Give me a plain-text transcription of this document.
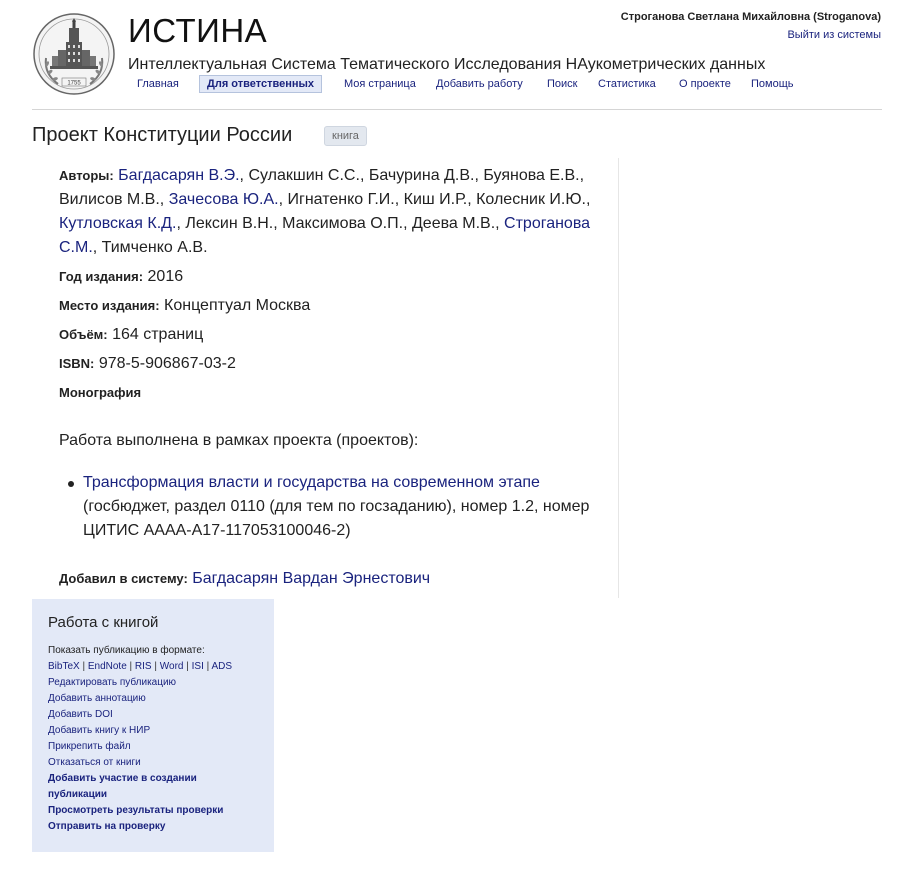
1755
ИСТИНА
Интеллектуальная Система Тематического Исследования НАукометрических данных
Главная	Для ответственных	Моя страница Добавить работу Поиск Статистика О проекте Помощь
Строганова Светлана Михайловна (Stroganova)
Выйти из системы
Проект Конституции России	книга
Авторы: Багдасарян В.Э., Сулакшин С.С., Бачурина Д.В., Буянова Е.В., Вилисов М.В., Зачесова Ю.А., Игнатенко Г.И., Киш И.Р., Колесник И.Ю., Кутловская К.Д., Лексин В.Н., Максимова О.П., Деева М.В., Строганова С.М., Тимченко А.В.
Год издания: 2016
Место издания: Концептуал Москва
Объём: 164 страниц
ISBN: 978-5-906867-03-2
Монография
Работа выполнена в рамках проекта (проектов):
Трансформация власти и государства на современном этапе (госбюджет, раздел 0110 (для тем по госзаданию), номер 1.2, номер ЦИТИС АААА-А17-117053100046-2)
Добавил в систему: Багдасарян Вардан Эрнестович
Работа с книгой
Показать публикацию в формате:
BibTeX | EndNote | RIS | Word | ISI | ADS
Редактировать публикацию
Добавить аннотацию
Добавить DOI
Добавить книгу к НИР
Прикрепить файл
Отказаться от книги
Добавить участие в создании публикации
Просмотреть результаты проверки
Отправить на проверку
